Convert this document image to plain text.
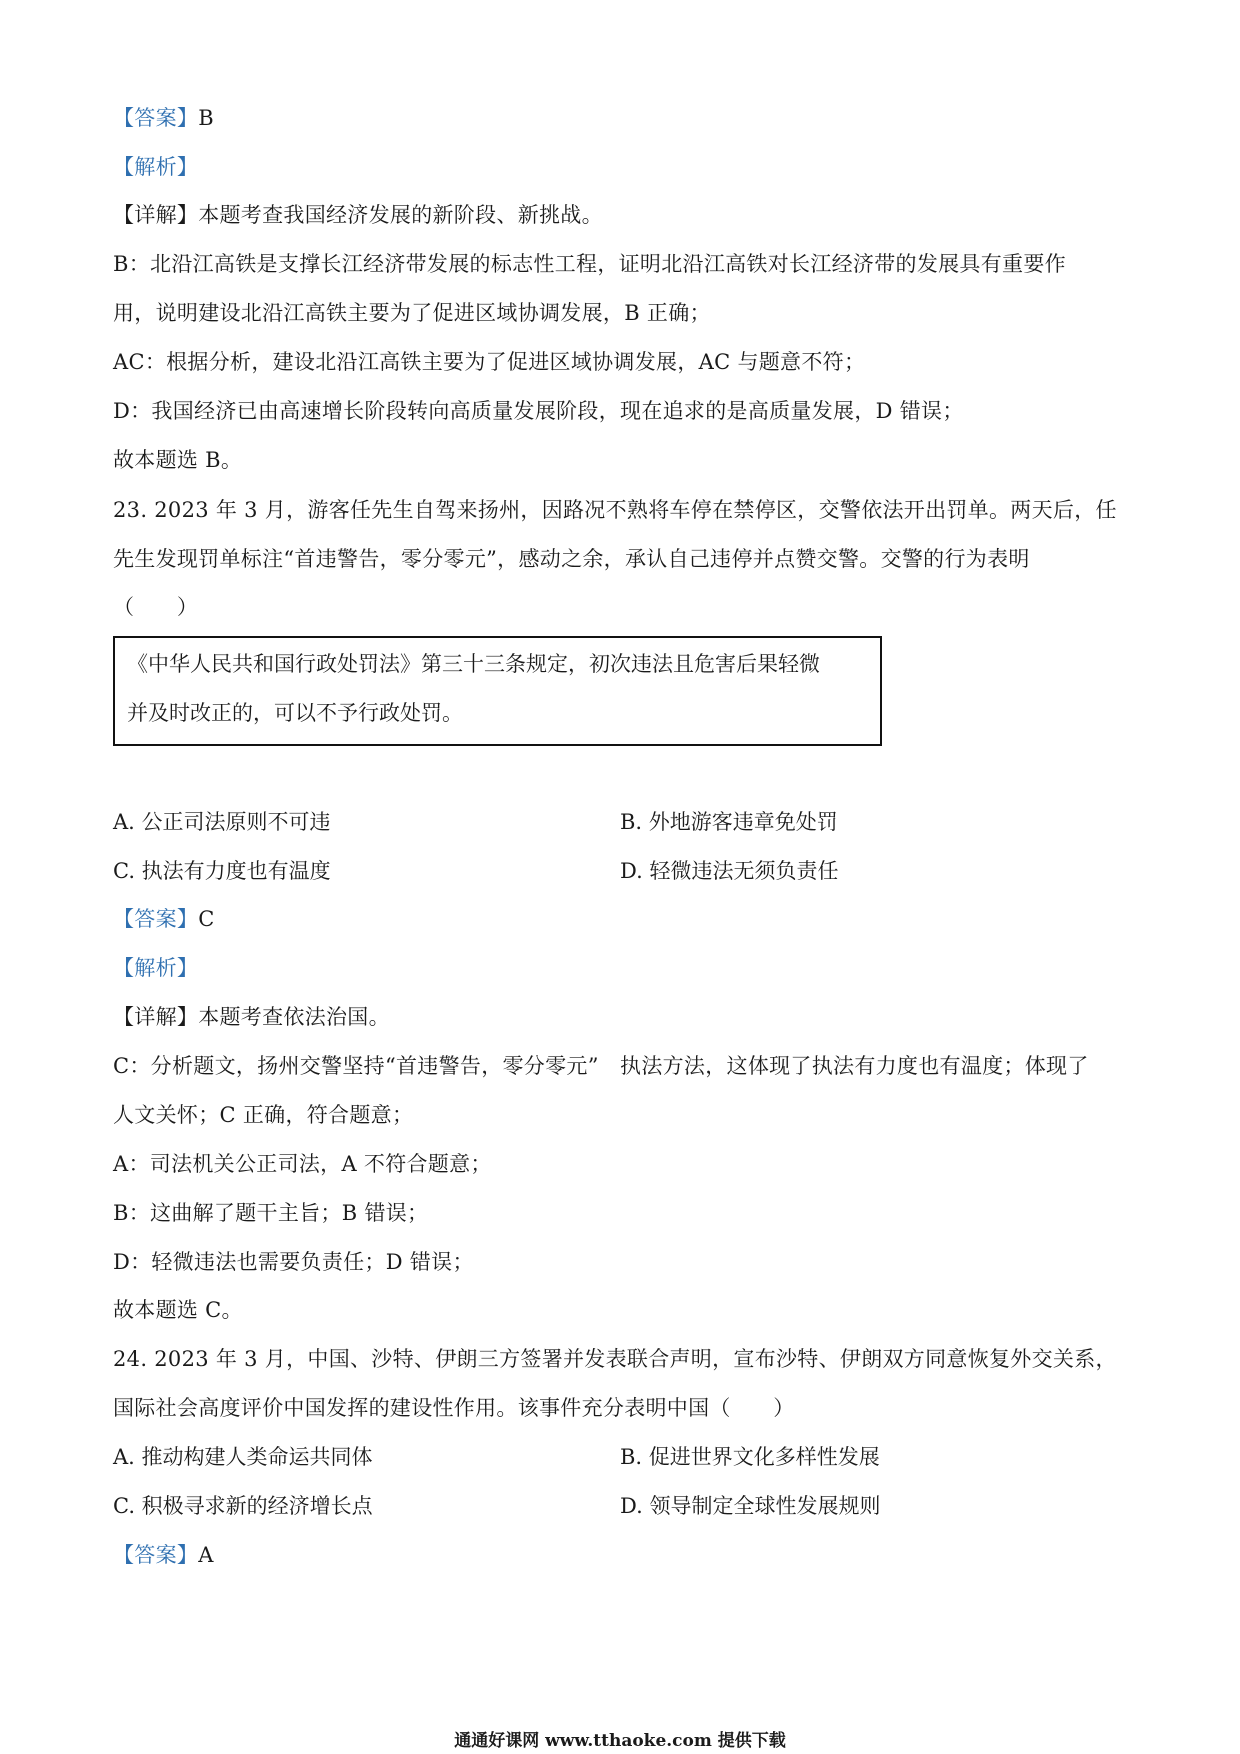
【答案】B
【解析】
【详解】本题考查我国经济发展的新阶段、新挑战。
B：北沿江高铁是支撑长江经济带发展的标志性工程，证明北沿江高铁对长江经济带的发展具有重要作
用，说明建设北沿江高铁主要为了促进区域协调发展，B 正确；
AC：根据分析，建设北沿江高铁主要为了促进区域协调发展，AC 与题意不符；
D：我国经济已由高速增长阶段转向高质量发展阶段，现在追求的是高质量发展，D 错误；
故本题选 B。
23. 2023 年 3 月，游客任先生自驾来扬州，因路况不熟将车停在禁停区，交警依法开出罚单。两天后，任
先生发现罚单标注“首违警告，零分零元”，感动之余，承认自己违停并点赞交警。交警的行为表明
（　　）
《中华人民共和国行政处罚法》第三十三条规定，初次违法且危害后果轻微
并及时改正的，可以不予行政处罚。
A. 公正司法原则不可违	B. 外地游客违章免处罚
C. 执法有力度也有温度	D. 轻微违法无须负责任
【答案】C
【解析】
【详解】本题考查依法治国。
C：分析题文，扬州交警坚持“首违警告，零分零元”　执法方法，这体现了执法有力度也有温度；体现了
人文关怀；C 正确，符合题意；
A：司法机关公正司法，A 不符合题意；
B：这曲解了题干主旨；B 错误；
D：轻微违法也需要负责任；D 错误；
故本题选 C。
24. 2023 年 3 月，中国、沙特、伊朗三方签署并发表联合声明，宣布沙特、伊朗双方同意恢复外交关系，
国际社会高度评价中国发挥的建设性作用。该事件充分表明中国（　　）
A. 推动构建人类命运共同体	B. 促进世界文化多样性发展
C. 积极寻求新的经济增长点	D. 领导制定全球性发展规则
【答案】A
通通好课网 www.tthaoke.com 提供下载
